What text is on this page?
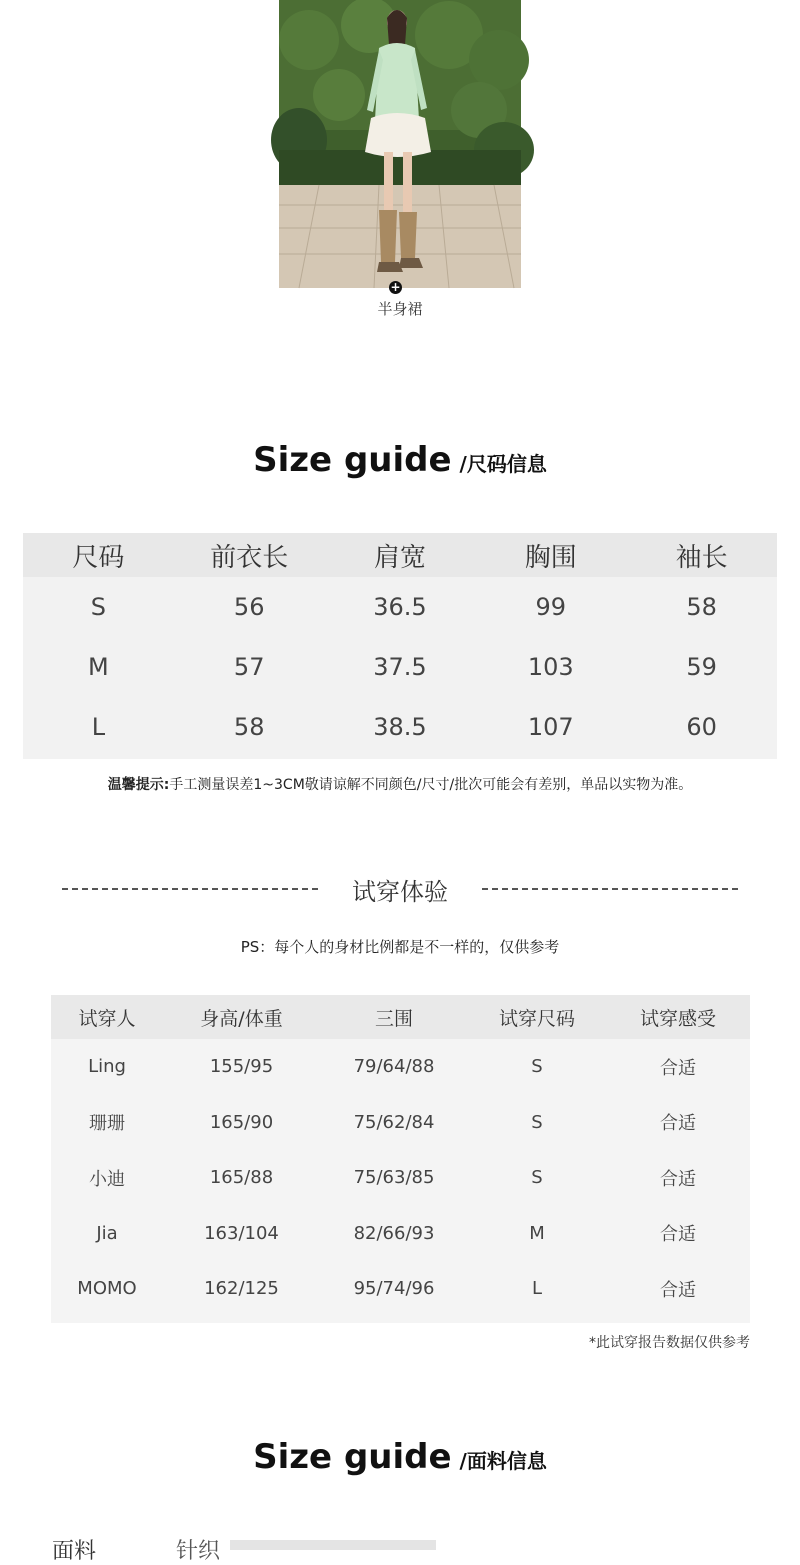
+
半身裙
Size guide /尺码信息
尺码	前衣长	肩宽	胸围	袖长
S	56	36.5	99	58
M	57	37.5	103	59
L	58	38.5	107	60
温馨提示:手工测量误差1~3CM敬请谅解不同颜色/尺寸/批次可能会有差别，单品以实物为准。
试穿体验
PS：每个人的身材比例都是不一样的，仅供参考
试穿人	身高/体重	三围	试穿尺码	试穿感受
Ling	155/95	79/64/88	S	合适
珊珊	165/90	75/62/84	S	合适
小迪	165/88	75/63/85	S	合适
Jia	163/104	82/66/93	M	合适
MOMO	162/125	95/74/96	L	合适
*此试穿报告数据仅供参考
Size guide /面料信息
面料	针织
